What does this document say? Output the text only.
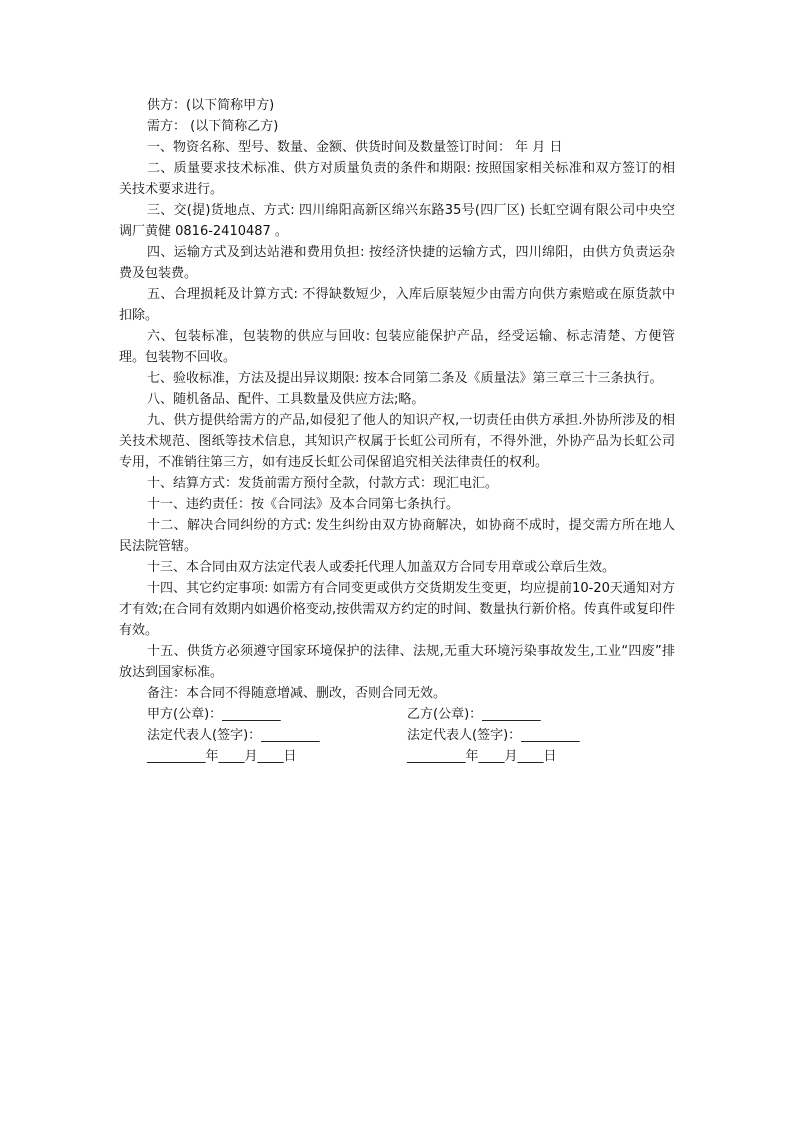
供方：(以下简称甲方)

需方： (以下简称乙方)

一、物资名称、型号、数量、金额、供货时间及数量签订时间： 年 月 日

二、质量要求技术标准、供方对质量负责的条件和期限: 按照国家相关标准和双方签订的相关技术要求进行。

三、交(提)货地点、方式: 四川绵阳高新区绵兴东路35号(四厂区) 长虹空调有限公司中央空调厂黄健 0816-2410487 。

四、运输方式及到达站港和费用负担: 按经济快捷的运输方式，四川绵阳，由供方负责运杂费及包装费。

五、合理损耗及计算方式: 不得缺数短少，入库后原装短少由需方向供方索赔或在原货款中扣除。

六、包装标准，包装物的供应与回收: 包装应能保护产品，经受运输、标志清楚、方便管理。包装物不回收。

七、验收标准，方法及提出异议期限: 按本合同第二条及《质量法》第三章三十三条执行。

八、随机备品、配件、工具数量及供应方法;略。

九、供方提供给需方的产品,如侵犯了他人的知识产权,一切责任由供方承担.外协所涉及的相关技术规范、图纸等技术信息，其知识产权属于长虹公司所有，不得外泄，外协产品为长虹公司专用，不准销往第三方，如有违反长虹公司保留追究相关法律责任的权利。

十、结算方式：发货前需方预付全款，付款方式：现汇电汇。

十一、违约责任：按《合同法》及本合同第七条执行。

十二、解决合同纠纷的方式: 发生纠纷由双方协商解决，如协商不成时，提交需方所在地人民法院管辖。

十三、本合同由双方法定代表人或委托代理人加盖双方合同专用章或公章后生效。

十四、其它约定事项: 如需方有合同变更或供方交货期发生变更，均应提前10-20天通知对方才有效;在合同有效期内如遇价格变动,按供需双方约定的时间、数量执行新价格。传真件或复印件有效。

十五、供货方必须遵守国家环境保护的法律、法规,无重大环境污染事故发生,工业“四废”排放达到国家标准。

备注：本合同不得随意增减、删改，否则合同无效。

甲方(公章)：_________	乙方(公章)：_________
法定代表人(签字)：_________	法定代表人(签字)：_________
_________年____月____日	_________年____月____日
